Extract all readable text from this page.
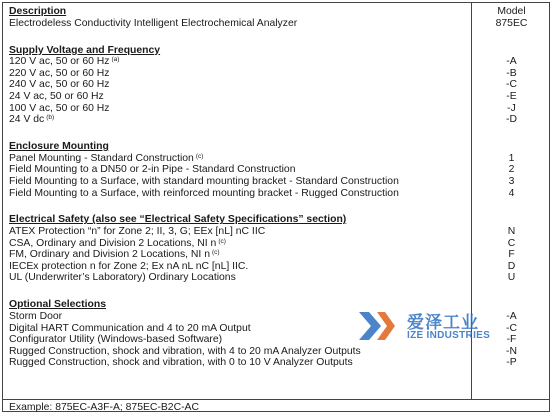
Description
Electrodeless Conductivity Intelligent Electrochemical Analyzer
Supply Voltage and Frequency
120 V ac, 50 or 60 Hz $^{(a)}$
220 V ac, 50 or 60 Hz
240 V ac, 50 or 60 Hz
24 V ac, 50 or 60 Hz
100 V ac, 50 or 60 Hz
24 V dc $^{(b)}$
Enclosure Mounting
Panel Mounting - Standard Construction $^{(c)}$
Field Mounting to a DN50 or 2-in Pipe - Standard Construction
Field Mounting to a Surface, with standard mounting bracket - Standard Construction
Field Mounting to a Surface, with reinforced mounting bracket - Rugged Construction
Electrical Safety (also see “Electrical Safety Specifications” section)
ATEX Protection “n” for Zone 2; II, 3, G; EEx [nL] nC IIC
CSA, Ordinary and Division 2 Locations, NI n $^{(c)}$
FM, Ordinary and Division 2 Locations, NI n $^{(c)}$
IECEx protection n for Zone 2; Ex nA nL nC [nL] IIC.
UL (Underwriter’s Laboratory) Ordinary Locations
Optional Selections
Storm Door
Digital HART Communication and 4 to 20 mA Output
Configurator Utility (Windows-based Software)
Rugged Construction, shock and vibration, with 4 to 20 mA Analyzer Outputs
Rugged Construction, shock and vibration, with 0 to 10 V Analyzer Outputs
Model
875EC
-A
-B
-C
-E
-J
-D
1
2
3
4
N
C
F
D
U
-A
-C
-F
-N
-P
Example: 875EC-A3F-A; 875EC-B2C-AC
爱泽工业
IZE INDUSTRIES
